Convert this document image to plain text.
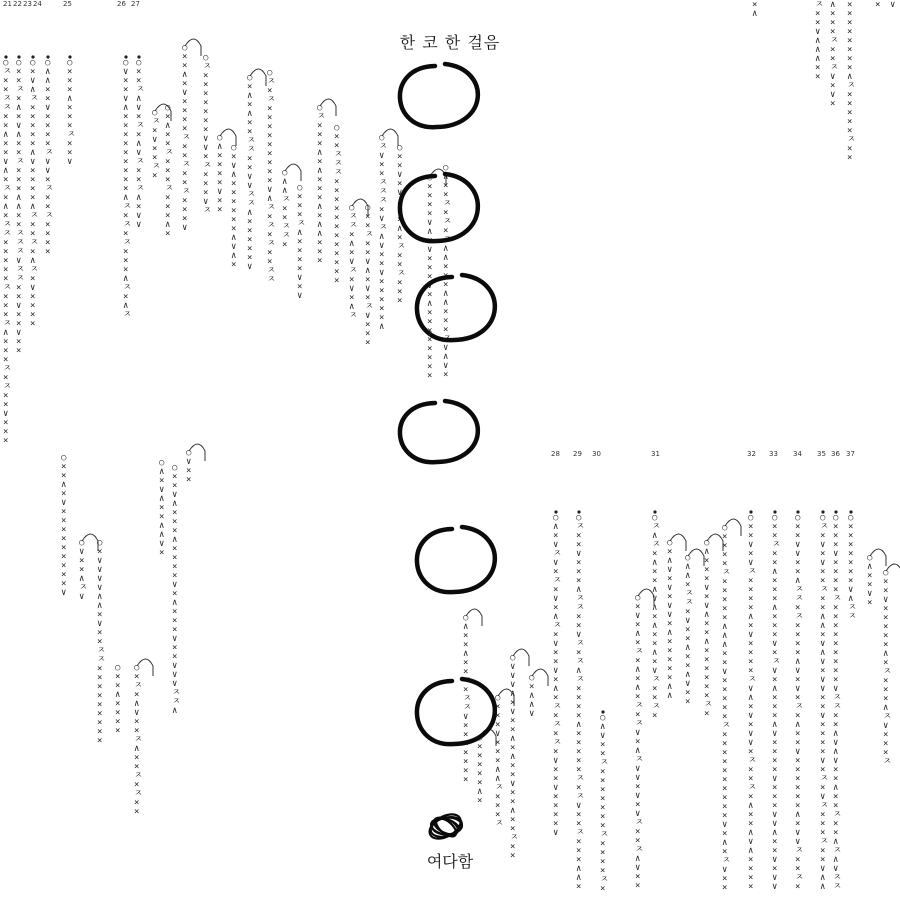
21 22 23 24	25	26 27
28 29 30	31	32 33 34 35 36 37
○
ㅈ
×
×
ㅈ
ㅈ
×
×
∧
×
×
∨
∧
×
ㅈ
×
∧
×
ㅈ
ㅈ
×
×
×
×
×
ㅈ
×
×
×
ㅈ
∧
×
×
×
ㅈ
×
ㅈ
×
×
∨
×
×
×
○
×
×
ㅈ
×
∧
×
∨
∧
×
×
ㅈ
×
×
×
∧
∧
×
×
ㅈ
ㅈ
ㅈ
∨
ㅈ
ㅈ
×
×
∨
×
×
∨
×
×
○
×
∨
∧
ㅈ
×
×
×
×
×
∧
∨
×
×
×
×
∧
ㅈ
×
×
ㅈ
×
∧
ㅈ
×
∨
×
×
×
×
○
∧
∧
×
×
∨
×
×
×
×
ㅈ
∨
∨
×
ㅈ
×
×
ㅈ
×
×
×
×
○
×
×
×
∧
×
×
×
ㅈ
×
×
∨
○
∨
×
×
∨
∧
×
×
×
×
×
×
×
×
×
∧
ㅈ
×
ㅈ
×
ㅈ
×
×
×
∧
ㅈ
×
∧
ㅈ
○
×
×
ㅈ
∧
∨
×
ㅈ
×
∧
∨
ㅈ
×
×
ㅈ
∧
×
∨
∨
○
ㅈ
×
∨
×
×
ㅈ
×
○
×
∧
×
×
ㅈ
×
×
×
ㅈ
×
×
×
∧
×
○
×
×
∧
×
∨
×
×
×
×
ㅈ
×
×
ㅈ
×
×
ㅈ
×
×
×
∨
○
ㅈ
×
×
×
×
×
×
×
∨
∨
×
ㅈ
×
×
×
∨
ㅈ
○
∧
×
×
×
×
∨
×
×
○
×
∨
∧
×
×
×
×
×
×
∧
∨
∧
×
○
×
∧
×
∧
×
×
ㅈ
ㅈ
×
×
∨
∨
ㅈ
ㅈ
∧
×
×
×
×
×
∨
○
ㅈ
×
ㅈ
×
×
×
×
×
×
×
×
×
∨
∧
ㅈ
×
ㅈ
×
ㅈ
×
×
ㅈ
ㅈ
○
∧
∧
ㅈ
×
×
ㅈ
ㅈ
×
○
×
×
×
ㅈ
∧
×
×
×
×
∨
×
∨
○
ㅈ
×
×
×
∧
×
∧
×
×
×
∧
×
∧
∧
×
×
×
○
×
×
ㅈ
ㅈ
ㅈ
×
×
×
×
×
×
×
×
×
×
×
×
○
ㅈ
ㅈ
×
∧
×
∨
ㅈ
×
∨
×
∧
ㅈ
○
×
×
ㅈ
×
×
∨
∧
×
∨
×
ㅈ
∨
×
×
×
○
ㅈ
∨
×
×
ㅈ
ㅈ
ㅈ
×
∨
ㅈ
∧
∨
×
×
∨
×
×
×
×
×
∧
○
×
×
∨
×
∨
∧
∧
×
∧
×
ㅈ
×
×
ㅈ
×
×
×
○
×
×
×
×
∨
∧
×
∨
×
×
×
∨
×
∧
×
×
×
×
×
×
×
×
○
∧
×
×
ㅈ
×
ㅈ
×
ㅈ
∧
∧
×
×
×
∧
∧
×
×
×
ㅈ
∨
∧
∨
×
○
×
×
∧
×
∨
×
×
×
×
×
×
×
×
×
∨
○
∨
×
×
∧
ㅈ
∨
○
×
∨
∨
∨
∨
∧
∧
×
∨
×
×
ㅈ
ㅈ
×
×
×
×
×
×
×
×
×
○
×
×
∧
×
×
×
×
○
×
ㅈ
×
∧
∨
×
×
ㅈ
∧
×
×
ㅈ
×
ㅈ
×
×
○
∧
×
∨
∧
×
×
∧
∧
∨
×
○
×
×
∨
∧
×
×
×
∧
×
×
×
×
∨
×
∧
×
×
×
∨
×
×
∨
∨
∨
ㅈ
ㅈ
∧
○
∨
×
×
○
∧
×
×
∧
×
×
ㅈ
×
ㅈ
ㅈ
∨
×
×
×
×
×
×
×
○
×
×
×
×
×
∧
×
○
×
×
×
∨
×
×
×
∧
∧
ㅈ
×
×
×
ㅈ
○
∨
∨
∨
∧
×
∨
×
×
∧
×
∧
×
×
∨
×
×
∧
×
×
ㅈ
×
×
○
×
∧
∧
∨
○
∧
×
∨
ㅈ
∨
×
ㅈ
×
∨
×
∧
ㅈ
×
∨
×
×
∨
×
∧
×
ㅈ
×
ㅈ
×
ㅈ
×
∨
×
×
∨
×
×
×
×
∨
○
ㅈ
×
×
∨
×
×
×
∧
ㅈ
ㅈ
×
×
∨
ㅈ
×
ㅈ
∧
ㅈ
×
×
×
×
∧
×
×
×
×
×
ㅈ
×
ㅈ
∨
×
×
ㅈ
×
×
×
∧
∧
×
○
∧
∨
×
×
ㅈ
×
×
×
×
×
×
×
ㅈ
×
×
×
×
ㅈ
×
○
ㅈ
∧
ㅈ
×
∧
×
×
∧
∨
∧
×
∧
×
×
∧
×
∨
ㅈ
×
×
ㅈ
×
○
×
×
∨
×
∨
ㅈ
×
×
×
×
∧
×
∨
×
×
×
×
ㅈ
∨
∧
×
∨
×
∨
∨
×
ㅈ
×
×
ㅈ
×
∧
×
×
∧
∨
∧
×
×
×
×
○
×
×
ㅈ
×
×
∧
×
×
×
∧
×
×
×
∨
×
ㅈ
∨
×
∧
×
×
×
∧
∨
×
×
×
×
∨
×
×
×
∨
∨
∧
×
×
∨
×
∨
∨
○
×
×
∨
∨
×
×
∧
ㅈ
ㅈ
×
ㅈ
×
×
×
×
∧
∨
×
∨
×
ㅈ
×
∧
×
×
∨
×
×
×
×
×
×
∧
×
∨
∨
ㅈ
×
×
ㅈ
×
○
ㅈ
×
∨
×
∨
×
×
ㅈ
×
×
∧
∧
×
∨
∧
∨
×
∨
∨
×
×
∨
×
×
×
×
∨
×
ㅈ
×
∨
ㅈ
×
×
×
ㅈ
×
×
∨
∧
∧
○
×
×
×
∨
×
×
×
×
ㅈ
×
×
×
×
×
×
×
×
×
∨
ㅈ
ㅈ
×
×
∧
∨
∧
∨
×
×
∧
×
×
ㅈ
×
×
∧
ㅈ
∧
∨
ㅈ
ㅈ
○
×
×
×
×
×
×
×
∨
∧
ㅈ
ㅈ
○
×
∨
×
∧
×
ㅈ
×
∧
×
∧
×
ㅈ
×
ㅈ
∨
×
∧
ㅈ
∨
∨
×
∨
×
∨
ㅈ
×
×
ㅈ
∧
∨
×
×
○
×
∧
∨
×
∨
×
∨
∨
×
∧
×
×
×
×
×
∧
∧
○
∧
∧
×
ㅈ
ㅈ
×
∨
×
×
∧
×
×
∧
∨
×
×
○
∧
×
×
×
∨
×
∨
∧
×
×
∧
×
×
×
×
×
×
ㅈ
×
○
×
×
×
×
ㅈ
×
×
×
×
×
∧
∧
∧
×
×
∨
×
×
×
×
×
ㅈ
×
×
×
×
×
×
×
×
×
×
∨
×
∧
×
ㅈ
∨
×
×
○
∧
×
×
∨
×
○
×
×
∨
×
×
×
×
×
∧
×
ㅈ
×
×
×
∧
ㅈ
∨
×
×
×
ㅈ
×
∧
ㅈ
×
×
∨
∧
∧
∧
×
×
∧
×
×
×
ㅈ
×
×
ㅈ
∨
×
∨
×
×
×
×
×
×
×
×
×
∧
ㅈ
×
×
×
×
×
ㅈ
×
×
× ∨
한 코 한 걸음
여다함
